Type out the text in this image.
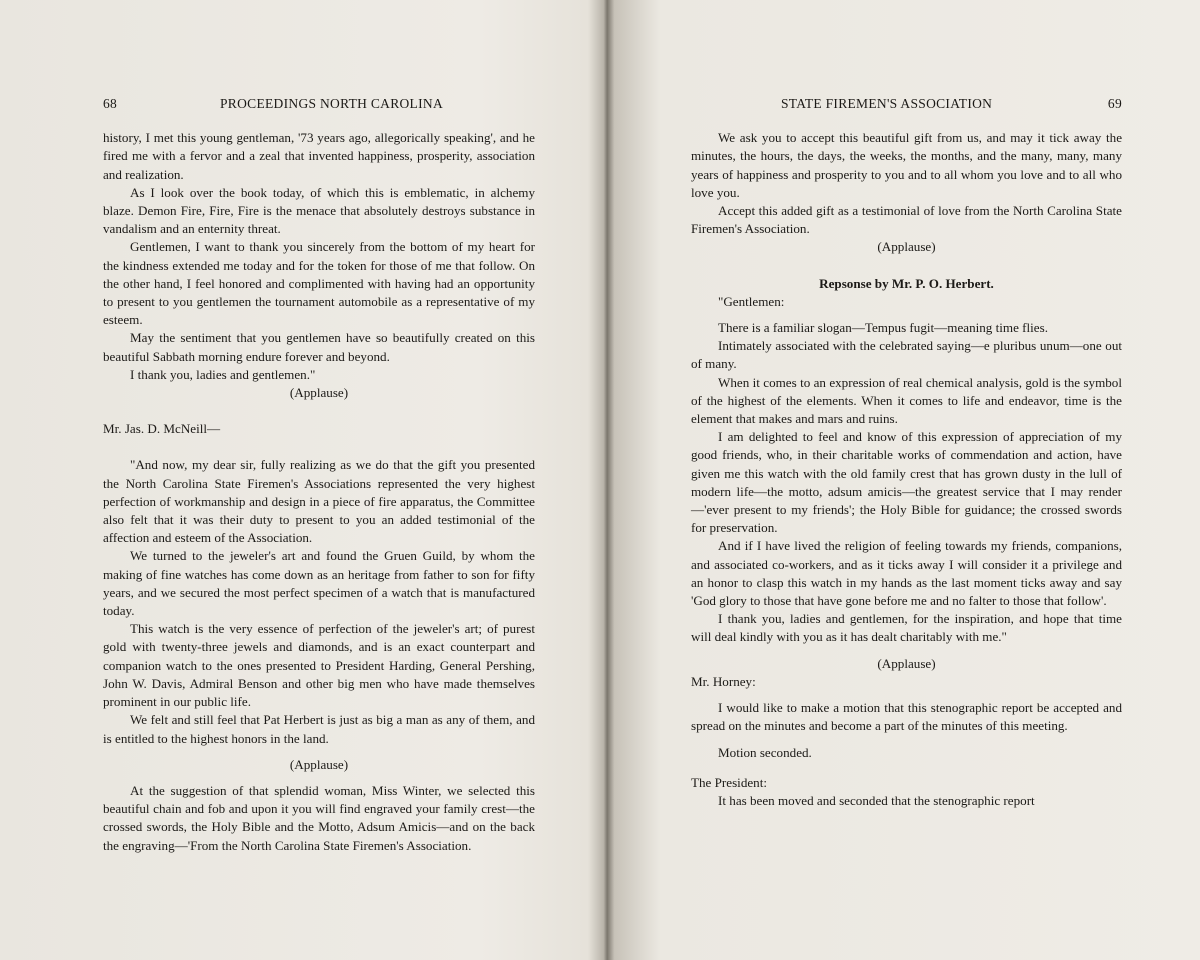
68	PROCEEDINGS NORTH CAROLINA

history, I met this young gentleman, '73 years ago, allegorically speaking', and he fired me with a fervor and a zeal that invented happiness, prosperity, association and realization.

As I look over the book today, of which this is emblematic, in alchemy blaze. Demon Fire, Fire, Fire is the menace that absolutely destroys substance in vandalism and an enternity threat.

Gentlemen, I want to thank you sincerely from the bottom of my heart for the kindness extended me today and for the token for those of me that follow. On the other hand, I feel honored and complimented with having had an opportunity to present to you gentlemen the tournament automobile as a representative of my esteem.

May the sentiment that you gentlemen have so beautifully created on this beautiful Sabbath morning endure forever and beyond.

I thank you, ladies and gentlemen."

(Applause)

Mr. Jas. D. McNeill—

"And now, my dear sir, fully realizing as we do that the gift you presented the North Carolina State Firemen's Associations represented the very highest perfection of workmanship and design in a piece of fire apparatus, the Committee also felt that it was their duty to present to you an added testimonial of the affection and esteem of the Association.

We turned to the jeweler's art and found the Gruen Guild, by whom the making of fine watches has come down as an heritage from father to son for fifty years, and we secured the most perfect specimen of a watch that is manufactured today.

This watch is the very essence of perfection of the jeweler's art; of purest gold with twenty-three jewels and diamonds, and is an exact counterpart and companion watch to the ones presented to President Harding, General Pershing, John W. Davis, Admiral Benson and other big men who have made themselves prominent in our public life.

We felt and still feel that Pat Herbert is just as big a man as any of them, and is entitled to the highest honors in the land.

(Applause)

At the suggestion of that splendid woman, Miss Winter, we selected this beautiful chain and fob and upon it you will find engraved your family crest—the crossed swords, the Holy Bible and the Motto, Adsum Amicis—and on the back the engraving—'From the North Carolina State Firemen's Association.

STATE FIREMEN'S ASSOCIATION	69

We ask you to accept this beautiful gift from us, and may it tick away the minutes, the hours, the days, the weeks, the months, and the many, many, many years of happiness and prosperity to you and to all whom you love and to all who love you.

Accept this added gift as a testimonial of love from the North Carolina State Firemen's Association.

(Applause)

Repsonse by Mr. P. O. Herbert.

"Gentlemen:

There is a familiar slogan—Tempus fugit—meaning time flies.

Intimately associated with the celebrated saying—e pluribus unum—one out of many.

When it comes to an expression of real chemical analysis, gold is the symbol of the highest of the elements. When it comes to life and endeavor, time is the element that makes and mars and ruins.

I am delighted to feel and know of this expression of appreciation of my good friends, who, in their charitable works of commendation and action, have given me this watch with the old family crest that has grown dusty in the lull of modern life—the motto, adsum amicis—the greatest service that I may render—'ever present to my friends'; the Holy Bible for guidance; the crossed swords for preservation.

And if I have lived the religion of feeling towards my friends, companions, and associated co-workers, and as it ticks away I will consider it a privilege and an honor to clasp this watch in my hands as the last moment ticks away and say 'God glory to those that have gone before me and no falter to those that follow'.

I thank you, ladies and gentlemen, for the inspiration, and hope that time will deal kindly with you as it has dealt charitably with me."

(Applause)

Mr. Horney:

I would like to make a motion that this stenographic report be accepted and spread on the minutes and become a part of the minutes of this meeting.

Motion seconded.

The President:

It has been moved and seconded that the stenographic report
